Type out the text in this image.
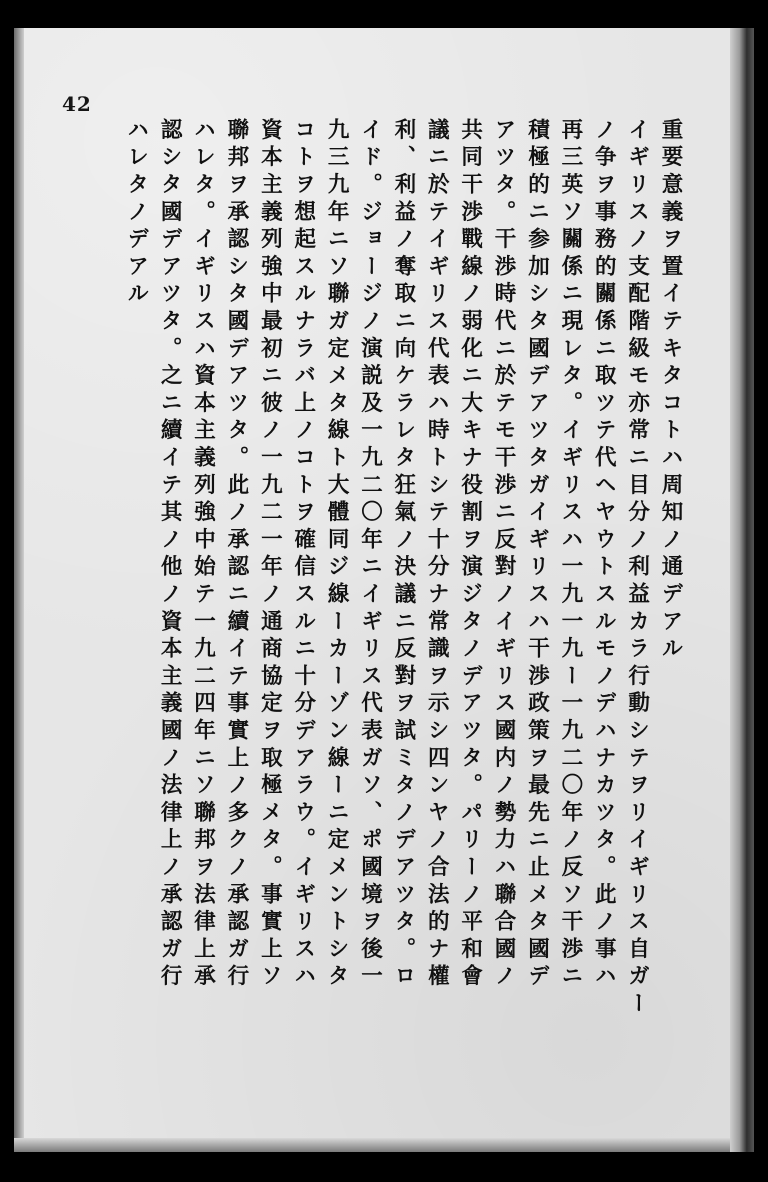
42
重要意義ヲ置イテキタコトハ周知ノ通デアル
イギリスノ支配階級モ亦常ニ目分ノ利益カラ行動シテヲリイギリス自ガー
ノ争ヲ事務的關係ニ取ツテ代ヘヤウトスルモノデハナカツタ。此ノ事ハ
再三英ソ關係ニ現レタ。イギリスハ一九一九ー一九二〇年ノ反ソ干渉ニ
積極的ニ参加シタ國デアツタガイギリスハ干渉政策ヲ最先ニ止メタ國デ
アツタ。干渉時代ニ於テモ干渉ニ反對ノイギリス國内ノ勢力ハ聯合國ノ
共同干渉戰線ノ弱化ニ大キナ役割ヲ演ジタノデアツタ。パリーノ平和會
議ニ於テイギリス代表ハ時トシテ十分ナ常識ヲ示シ四ンヤノ合法的ナ權
利、利益ノ奪取ニ向ケラレタ狂氣ノ決議ニ反對ヲ試ミタノデアツタ。ロ
イド。ジョージノ演説及一九二〇年ニイギリス代表ガソ、ポ國境ヲ後一
九三九年ニソ聯ガ定メタ線ト大體同ジ線ーカーゾン線ーニ定メントシタ
コトヲ想起スルナラバ上ノコトヲ確信スルニ十分デアラウ。イギリスハ
資本主義列強中最初ニ彼ノ一九二一年ノ通商協定ヲ取極メタ。事實上ソ
聯邦ヲ承認シタ國デアツタ。此ノ承認ニ續イテ事實上ノ多クノ承認ガ行
ハレタ。イギリスハ資本主義列強中始テ一九二四年ニソ聯邦ヲ法律上承
認シタ國デアツタ。之ニ續イテ其ノ他ノ資本主義國ノ法律上ノ承認ガ行
ハレタノデアル
